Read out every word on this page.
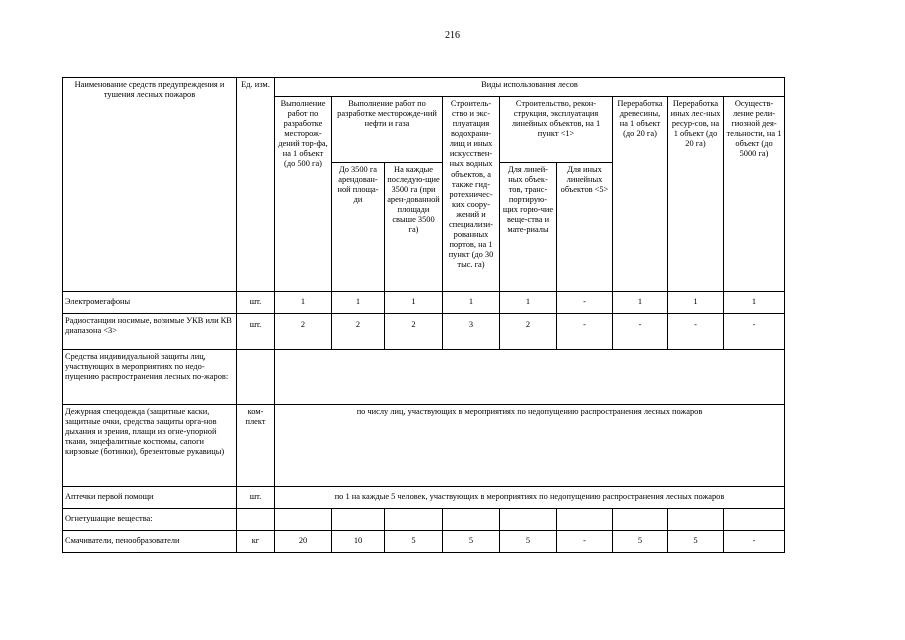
216
Наименование средств предупреждения и тушения лесных пожаров	Ед. изм.	Виды использования лесов								
		Выполнение работ по разработке месторож-дений тор-фа, на 1 объект (до 500 га)	Выполнение работ по разработке месторожде-ний нефти и газа		Строитель-ство и экс-плуатация водохрани-лищ и иных искусствен-ных водных объектов, а также гид-ротехничес-ких соору-жений и специализи-рованных портов, на 1 пункт (до 30 тыс. га)	Строительство, рекон-струкция, эксплуатация линейных объектов, на 1 пункт <1>		Переработка древесины, на 1 объект (до 20 га)	Переработка иных лес-ных ресур-сов, на 1 объект (до 20 га)	Осуществ-ление рели-гиозной дея-тельности, на 1 объект (до 5000 га)
			До 3500 га арендован-ной площа-ди	На каждые последую-щие 3500 га (при арен-дованной площади свыше 3500 га)		Для линей-ных объек-тов, транс-портирую-щих горю-чие веще-ства и мате-риалы	Для иных линейных объектов <5>			
Электромегафоны	шт.	1	1	1	1	1	-	1	1	1
Радиостанции носимые, возимые УКВ или КВ диапазона <3>	шт.	2	2	2	3	2	-	-	-	-
Средства индивидуальной защиты лиц, участвующих в мероприятиях по недо-пущению распространения лесных по-жаров:										
Дежурная спецодежда (защитные каски, защитные очки, средства защиты орга-нов дыхания и зрения, плащи из огне-упорной ткани, энцефалитные костюмы, сапоги кирзовые (ботинки), брезентовые рукавицы)	ком-плект	по числу лиц, участвующих в мероприятиях по недопущению распространения лесных пожаров								
Аптечки первой помощи	шт.	по 1 на каждые 5 человек, участвующих в мероприятиях по недопущению распространения лесных пожаров								
Огнетушащие вещества:										
Смачиватели, пенообразователи	кг	20	10	5	5	5	-	5	5	-
